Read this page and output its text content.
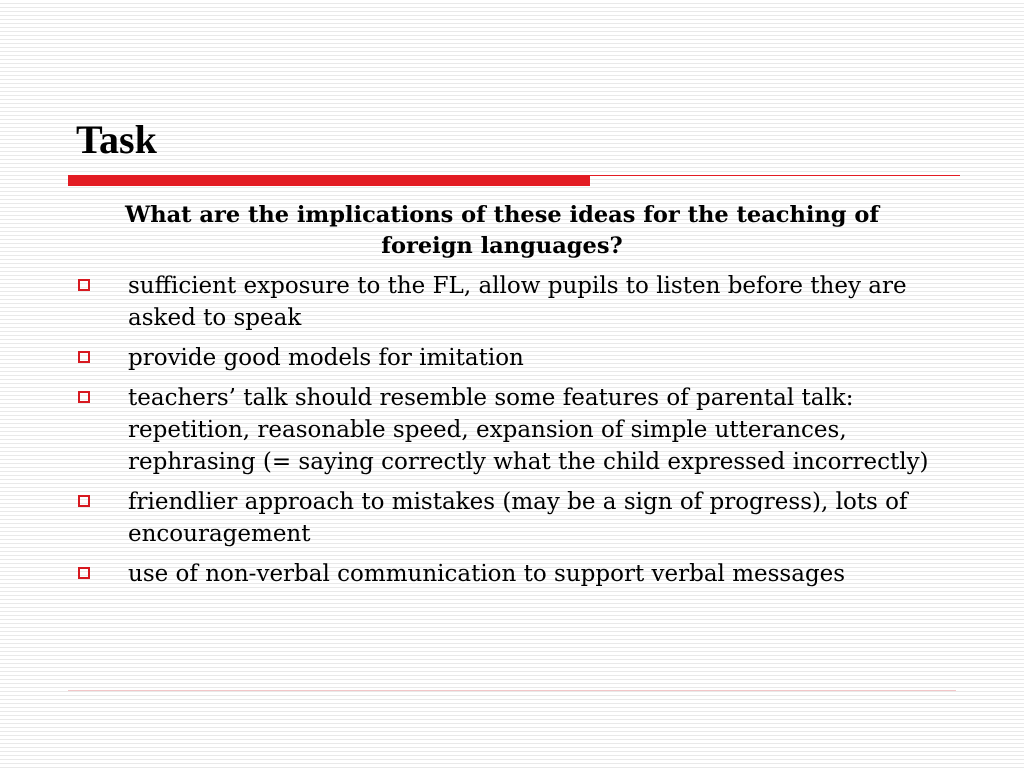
Task

What are the implications of these ideas for the teaching of foreign languages?

sufficient exposure to the FL, allow pupils to listen before they are asked to speak
provide good models for imitation
teachers’ talk should resemble some features of parental talk: repetition, reasonable speed, expansion of simple utterances, rephrasing (= saying correctly what the child expressed incorrectly)
friendlier approach to mistakes (may be a sign of progress), lots of encouragement
use of non-verbal communication to support verbal messages
